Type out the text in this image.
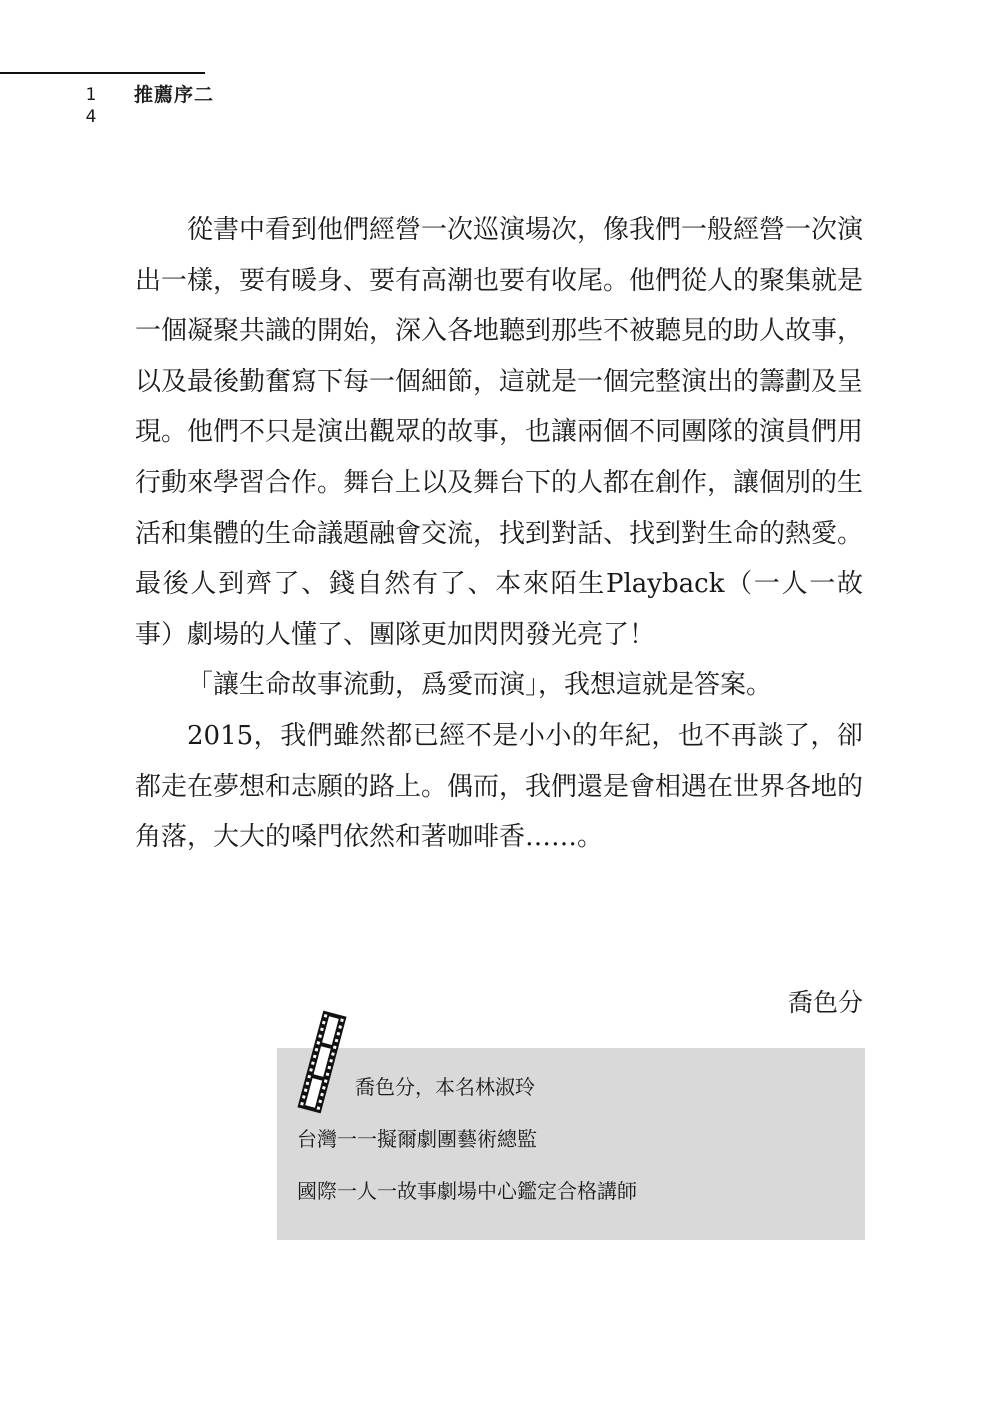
1
4
推薦序二

從書中看到他們經營一次巡演場次，像我們一般經營一次演出一樣，要有暖身、要有高潮也要有收尾。他們從人的聚集就是一個凝聚共識的開始，深入各地聽到那些不被聽見的助人故事，以及最後勤奮寫下每一個細節，這就是一個完整演出的籌劃及呈現。他們不只是演出觀眾的故事，也讓兩個不同團隊的演員們用行動來學習合作。舞台上以及舞台下的人都在創作，讓個別的生活和集體的生命議題融會交流，找到對話、找到對生命的熱愛。最後人到齊了、錢自然有了、本來陌生Playback（一人一故事）劇場的人懂了、團隊更加閃閃發光亮了！

「讓生命故事流動，爲愛而演」，我想這就是答案。

2015，我們雖然都已經不是小小的年紀，也不再談了，卻都走在夢想和志願的路上。偶而，我們還是會相遇在世界各地的角落，大大的嗓門依然和著咖啡香……。

喬色分
喬色分，本名林淑玲
台灣一一擬爾劇團藝術總監
國際一人一故事劇場中心鑑定合格講師
